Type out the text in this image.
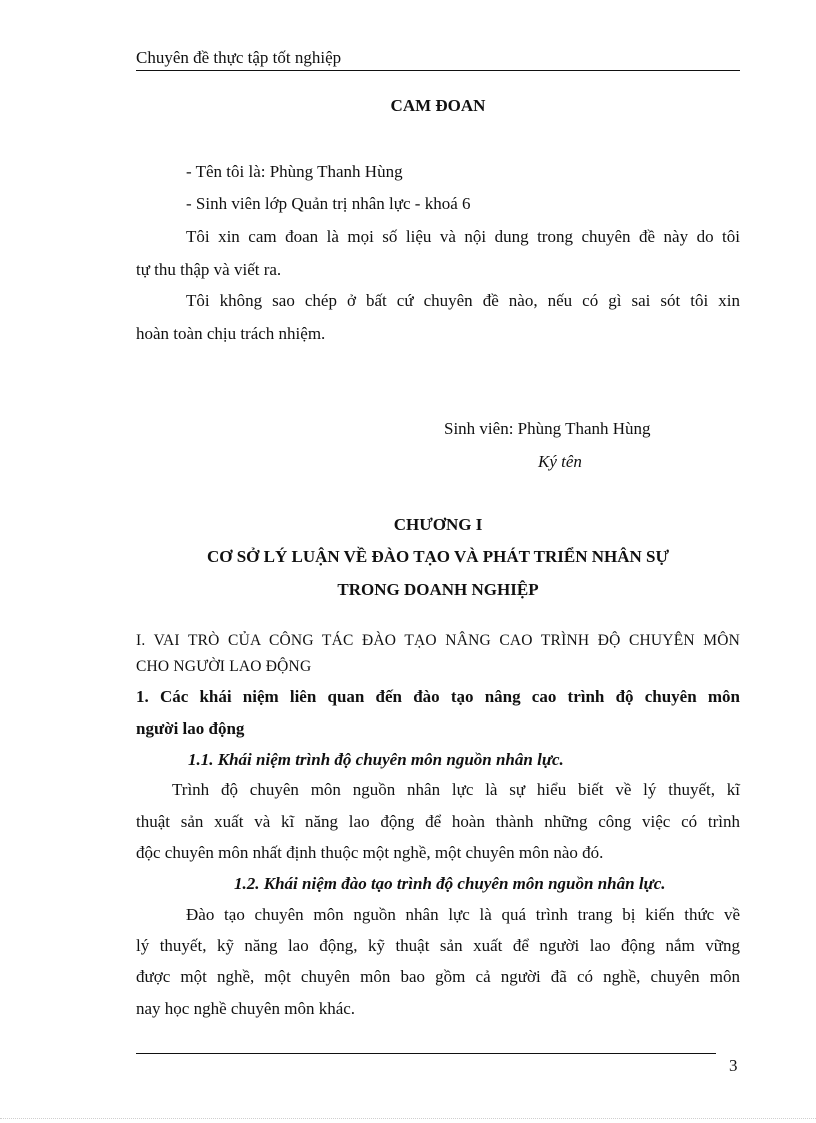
Chuyên đề thực tập tốt nghiệp
CAM ĐOAN
- Tên tôi là: Phùng Thanh Hùng
- Sinh viên lớp Quản trị nhân lực - khoá 6
Tôi xin cam đoan là mọi số liệu và nội dung trong chuyên đề này do tôi
tự thu thập và viết ra.
Tôi không sao chép ở bất cứ chuyên đề nào, nếu có gì sai sót tôi xin
hoàn toàn chịu trách nhiệm.
Sinh viên: Phùng Thanh Hùng
Ký tên
CHƯƠNG I
CƠ SỞ LÝ LUẬN VỀ ĐÀO TẠO VÀ PHÁT TRIỂN NHÂN SỰ
TRONG DOANH NGHIỆP
I. VAI TRÒ CỦA CÔNG TÁC ĐÀO TẠO NÂNG CAO TRÌNH ĐỘ CHUYÊN MÔN
CHO NGƯỜI LAO ĐỘNG
1. Các khái niệm liên quan đến đào tạo nâng cao trình độ chuyên môn
người lao động
1.1. Khái niệm trình độ chuyên môn nguồn nhân lực.
Trình độ chuyên môn nguồn nhân lực là sự hiểu biết về lý thuyết, kĩ
thuật sản xuất và kĩ năng lao động để hoàn thành những công việc có trình
độc chuyên môn nhất định thuộc một nghề, một chuyên môn nào đó.
1.2. Khái niệm đào tạo trình độ chuyên môn nguồn nhân lực.
Đào tạo chuyên môn nguồn nhân lực là quá trình trang bị kiến thức về
lý thuyết, kỹ năng lao động, kỹ thuật sản xuất để người lao động nắm vững
được một nghề, một chuyên môn bao gồm cả người đã có nghề, chuyên môn
nay học nghề chuyên môn khác.
3
